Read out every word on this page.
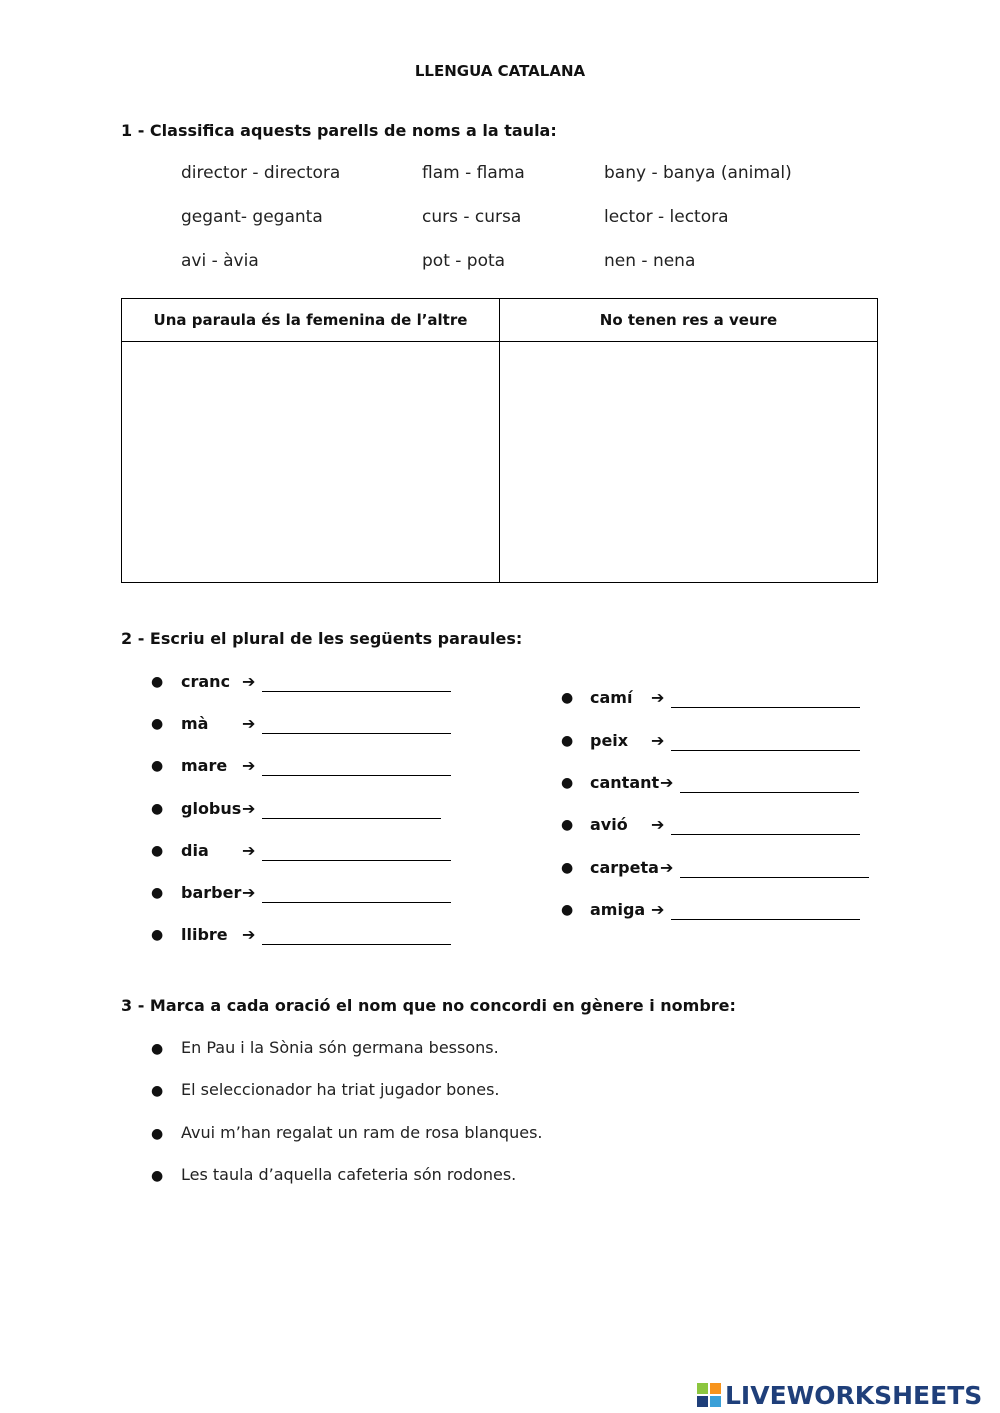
LLENGUA CATALANA
1 - Classifica aquests parells de noms a la taula:
director - directora	flam - flama	bany - banya (animal)
gegant- geganta	curs - cursa	lector - lectora
avi - àvia	pot - pota	nen - nena
Una paraula és la femenina de l’altre	No tenen res a veure

2 - Escriu el plural de les següents paraules:
● cranc ➔
● mà ➔
● mare ➔
● globus ➔
● dia ➔
● barber ➔
● llibre ➔
● camí ➔
● peix ➔
● cantant ➔
● avió ➔
● carpeta ➔
● amiga ➔
3 - Marca a cada oració el nom que no concordi en gènere i nombre:
● En Pau i la Sònia són germana bessons.
● El seleccionador ha triat jugador bones.
● Avui m’han regalat un ram de rosa blanques.
● Les taula d’aquella cafeteria són rodones.
LIVEWORKSHEETS
